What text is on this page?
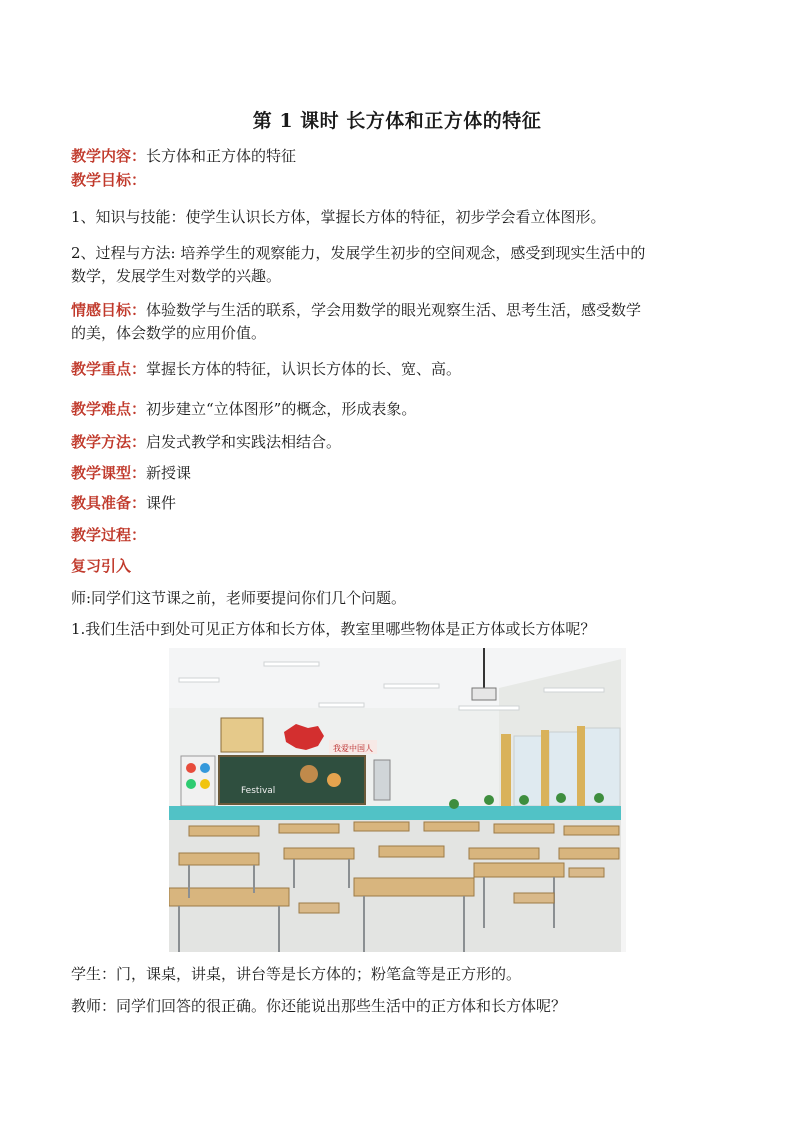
第 1 课时 长方体和正方体的特征
教学内容：长方体和正方体的特征
教学目标：
1、知识与技能：使学生认识长方体，掌握长方体的特征，初步学会看立体图形。
2、过程与方法: 培养学生的观察能力，发展学生初步的空间观念，感受到现实生活中的
数学，发展学生对数学的兴趣。
情感目标：体验数学与生活的联系，学会用数学的眼光观察生活、思考生活，感受数学
的美，体会数学的应用价值。
教学重点：掌握长方体的特征，认识长方体的长、宽、高。
教学难点：初步建立“立体图形”的概念，形成表象。
教学方法：启发式教学和实践法相结合。
教学课型：新授课
教具准备：课件
教学过程：
复习引入
师:同学们这节课之前，老师要提问你们几个问题。
1.我们生活中到处可见正方体和长方体，教室里哪些物体是正方体或长方体呢？
我爱中国人
Festival
学生：门，课桌，讲桌，讲台等是长方体的；粉笔盒等是正方形的。
教师：同学们回答的很正确。你还能说出那些生活中的正方体和长方体呢？
